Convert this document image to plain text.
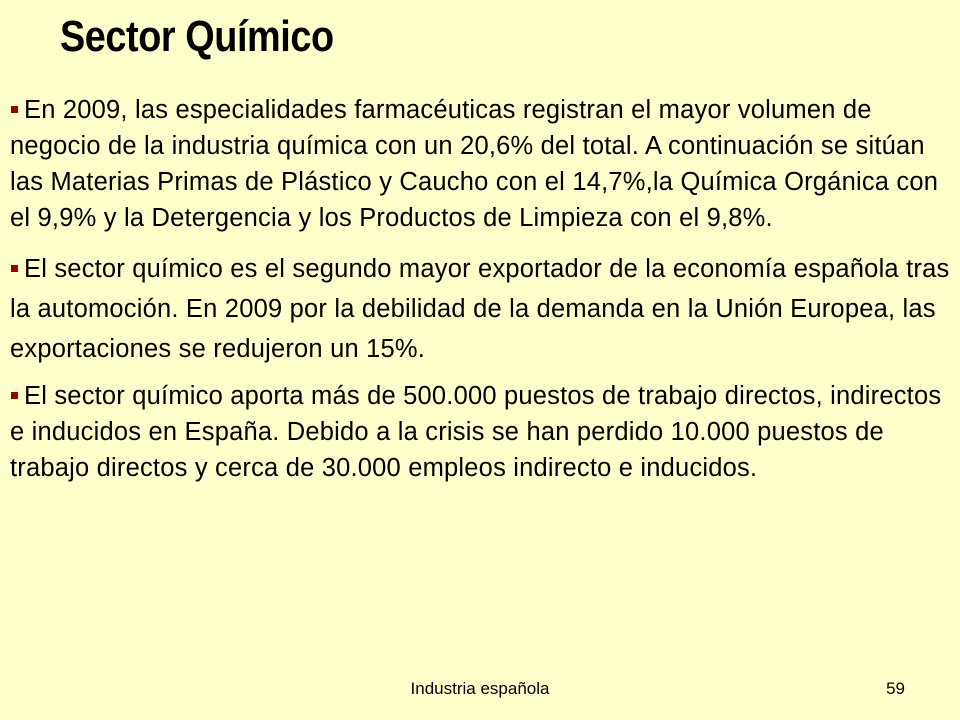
Sector Químico

En 2009, las especialidades farmacéuticas registran el mayor volumen de negocio de la industria química con un 20,6% del total. A continuación se sitúan las Materias Primas de Plástico y Caucho con el 14,7%,la Química Orgánica con el 9,9% y la Detergencia y los Productos de Limpieza con el 9,8%.

El sector químico es el segundo mayor exportador de la economía española tras la automoción. En 2009 por la debilidad de la demanda en la Unión Europea, las exportaciones se redujeron un 15%.

El sector químico aporta más de 500.000 puestos de trabajo directos, indirectos e inducidos en España. Debido a la crisis se han perdido 10.000 puestos de trabajo directos y cerca de 30.000 empleos indirecto e inducidos.

Industria española	59
